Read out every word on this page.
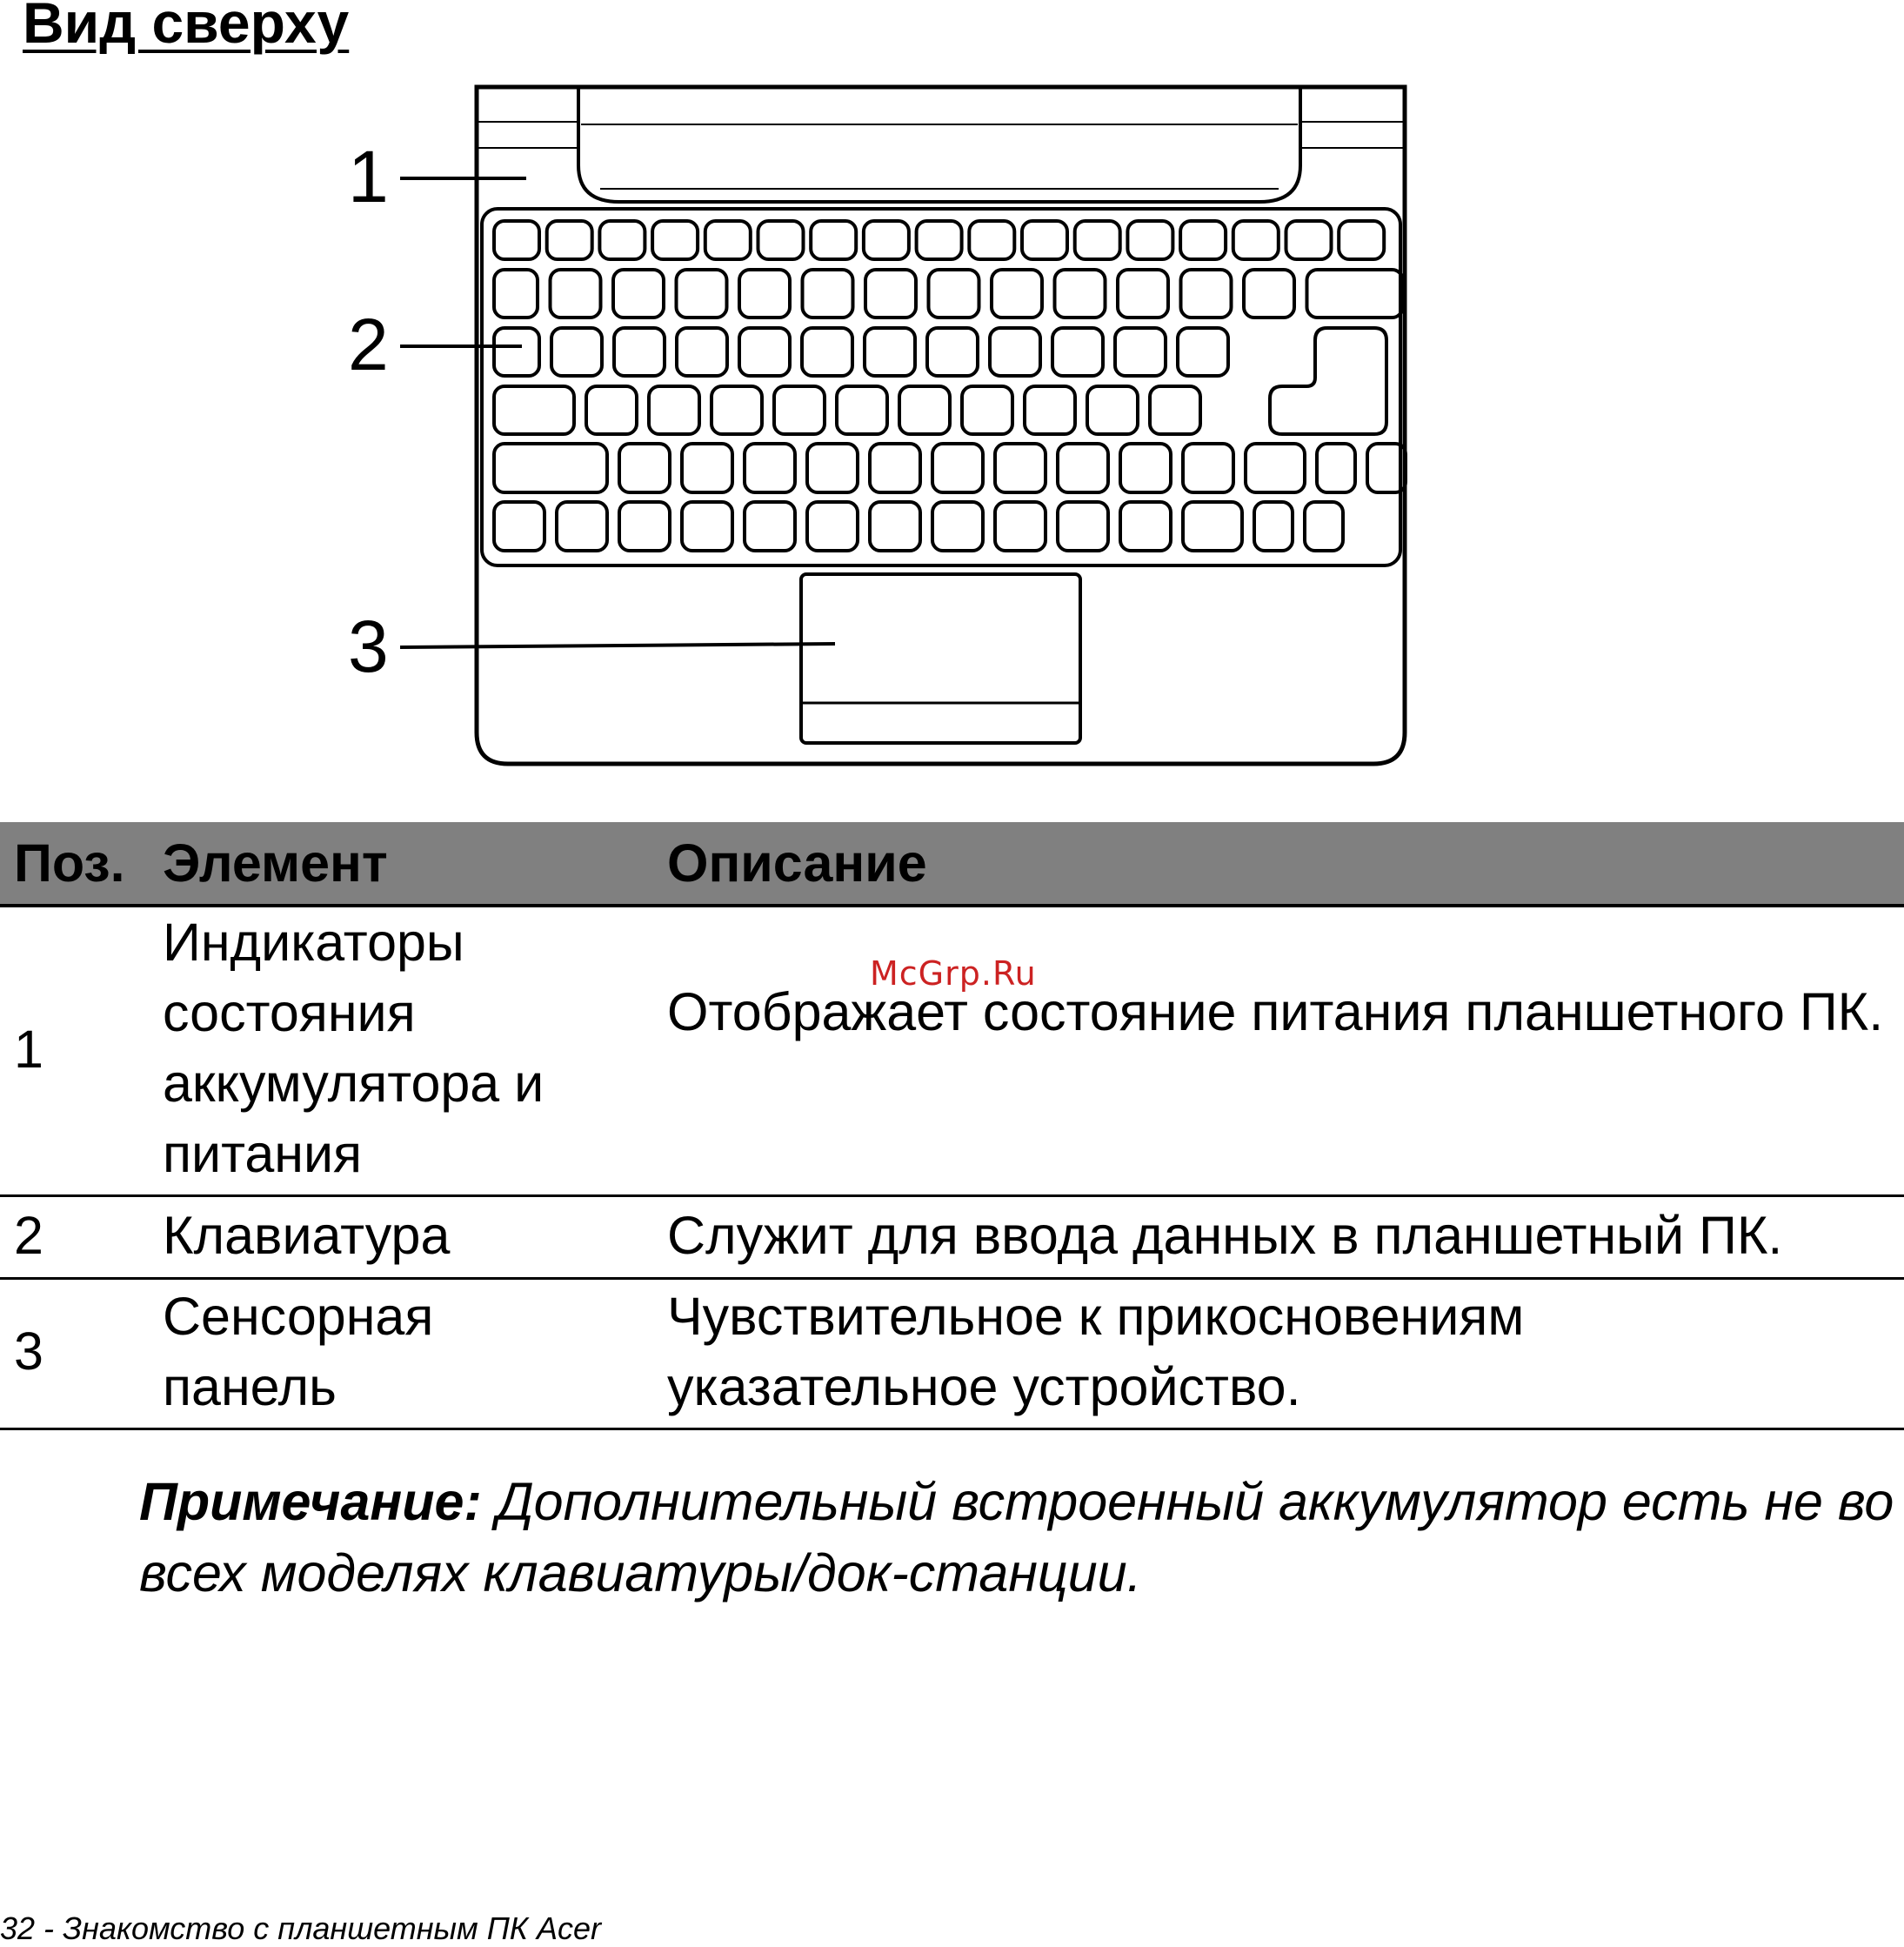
Вид сверху
1
2
3
Поз. Элемент	Описание
1
Индикаторы состояния аккумулятора и питания
Отображает состояние питания планшетного ПК.
2 Клавиатура	Служит для ввода данных в планшетный ПК.
3
Сенсорная панель
Чувствительное к прикосновениям указательное устройство.
McGrp.Ru
Примечание: Дополнительный встроенный аккумулятор есть не во всех моделях клавиатуры/док-станции.
32 - Знакомство с планшетным ПК Acer
